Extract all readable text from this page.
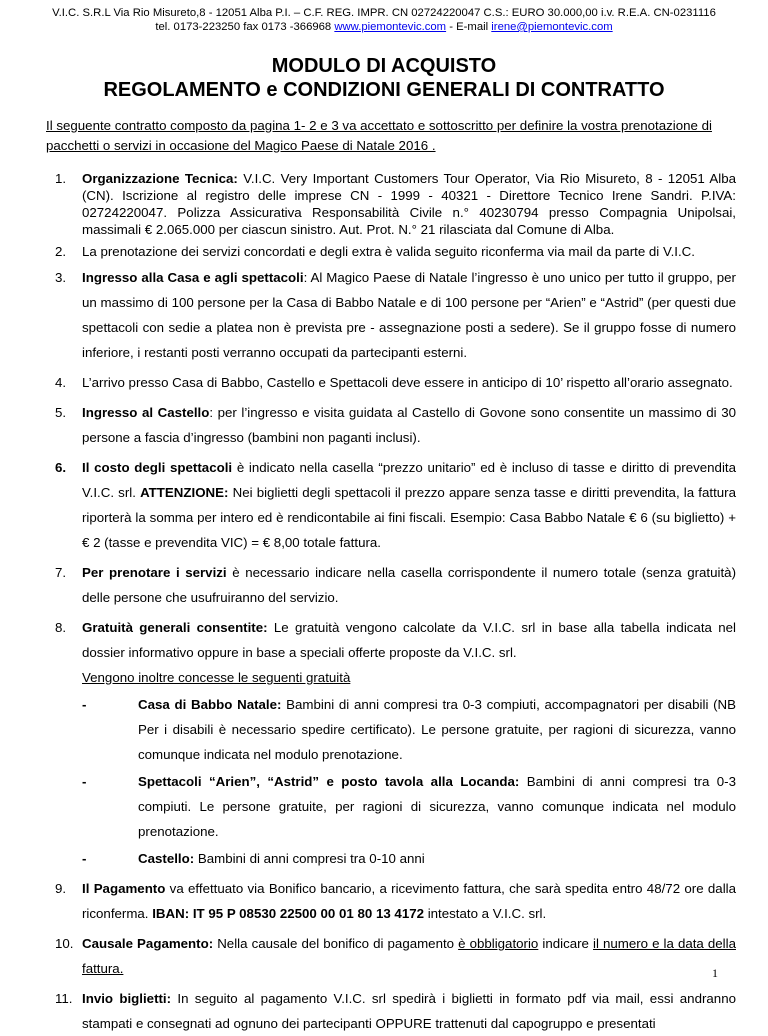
V.I.C. S.R.L Via Rio Misureto,8 - 12051 Alba P.I. – C.F. REG. IMPR. CN 02724220047 C.S.: EURO 30.000,00 i.v. R.E.A. CN-0231116
tel. 0173-223250 fax 0173 -366968 www.piemontevic.com - E-mail irene@piemontevic.com
MODULO DI ACQUISTO
REGOLAMENTO e CONDIZIONI GENERALI DI CONTRATTO
Il seguente contratto composto da pagina 1- 2 e 3 va accettato e sottoscritto per definire la vostra prenotazione di pacchetti o servizi in occasione del Magico Paese di Natale 2016 .
1. Organizzazione Tecnica: V.I.C. Very Important Customers Tour Operator, Via Rio Misureto, 8 - 12051 Alba (CN). Iscrizione al registro delle imprese CN - 1999 - 40321 - Direttore Tecnico Irene Sandri. P.IVA: 02724220047. Polizza Assicurativa Responsabilità Civile n.° 40230794 presso Compagnia Unipolsai, massimali € 2.065.000 per ciascun sinistro. Aut. Prot. N.° 21 rilasciata dal Comune di Alba.
2. La prenotazione dei servizi concordati e degli extra è valida seguito riconferma via mail da parte di V.I.C.
3. Ingresso alla Casa e agli spettacoli: Al Magico Paese di Natale l’ingresso è uno unico per tutto il gruppo, per un massimo di 100 persone per la Casa di Babbo Natale e di 100 persone per “Arien” e “Astrid” (per questi due spettacoli con sedie a platea non è prevista pre - assegnazione posti a sedere). Se il gruppo fosse di numero inferiore, i restanti posti verranno occupati da partecipanti esterni.
4. L’arrivo presso Casa di Babbo, Castello e Spettacoli deve essere in anticipo di 10’ rispetto all’orario assegnato.
5. Ingresso al Castello: per l’ingresso e visita guidata al Castello di Govone sono consentite un massimo di 30 persone a fascia d’ingresso (bambini non paganti inclusi).
6. Il costo degli spettacoli è indicato nella casella “prezzo unitario” ed è incluso di tasse e diritto di prevendita V.I.C. srl. ATTENZIONE: Nei biglietti degli spettacoli il prezzo appare senza tasse e diritti prevendita, la fattura riporterà la somma per intero ed è rendicontabile ai fini fiscali. Esempio: Casa Babbo Natale € 6 (su biglietto) + € 2 (tasse e prevendita VIC) = € 8,00 totale fattura.
7. Per prenotare i servizi è necessario indicare nella casella corrispondente il numero totale (senza gratuità) delle persone che usufruiranno del servizio.
8. Gratuità generali consentite: Le gratuità vengono calcolate da V.I.C. srl in base alla tabella indicata nel dossier informativo oppure in base a speciali offerte proposte da V.I.C. srl.
Vengono inoltre concesse le seguenti gratuità
-	Casa di Babbo Natale: Bambini di anni compresi tra 0-3 compiuti, accompagnatori per disabili (NB Per i disabili è necessario spedire certificato). Le persone gratuite, per ragioni di sicurezza, vanno comunque indicata nel modulo prenotazione.
-	Spettacoli “Arien”, “Astrid” e posto tavola alla Locanda: Bambini di anni compresi tra 0-3 compiuti. Le persone gratuite, per ragioni di sicurezza, vanno comunque indicata nel modulo prenotazione.
-	Castello: Bambini di anni compresi tra 0-10 anni
9. Il Pagamento va effettuato via Bonifico bancario, a ricevimento fattura, che sarà spedita entro 48/72 ore dalla riconferma. IBAN: IT 95 P 08530 22500 00 01 80 13 4172 intestato a V.I.C. srl.
10. Causale Pagamento: Nella causale del bonifico di pagamento è obbligatorio indicare il numero e la data della fattura.
11. Invio biglietti: In seguito al pagamento V.I.C. srl spedirà i biglietti in formato pdf via mail, essi andranno stampati e consegnati ad ognuno dei partecipanti OPPURE trattenuti dal capogruppo e presentati
1
